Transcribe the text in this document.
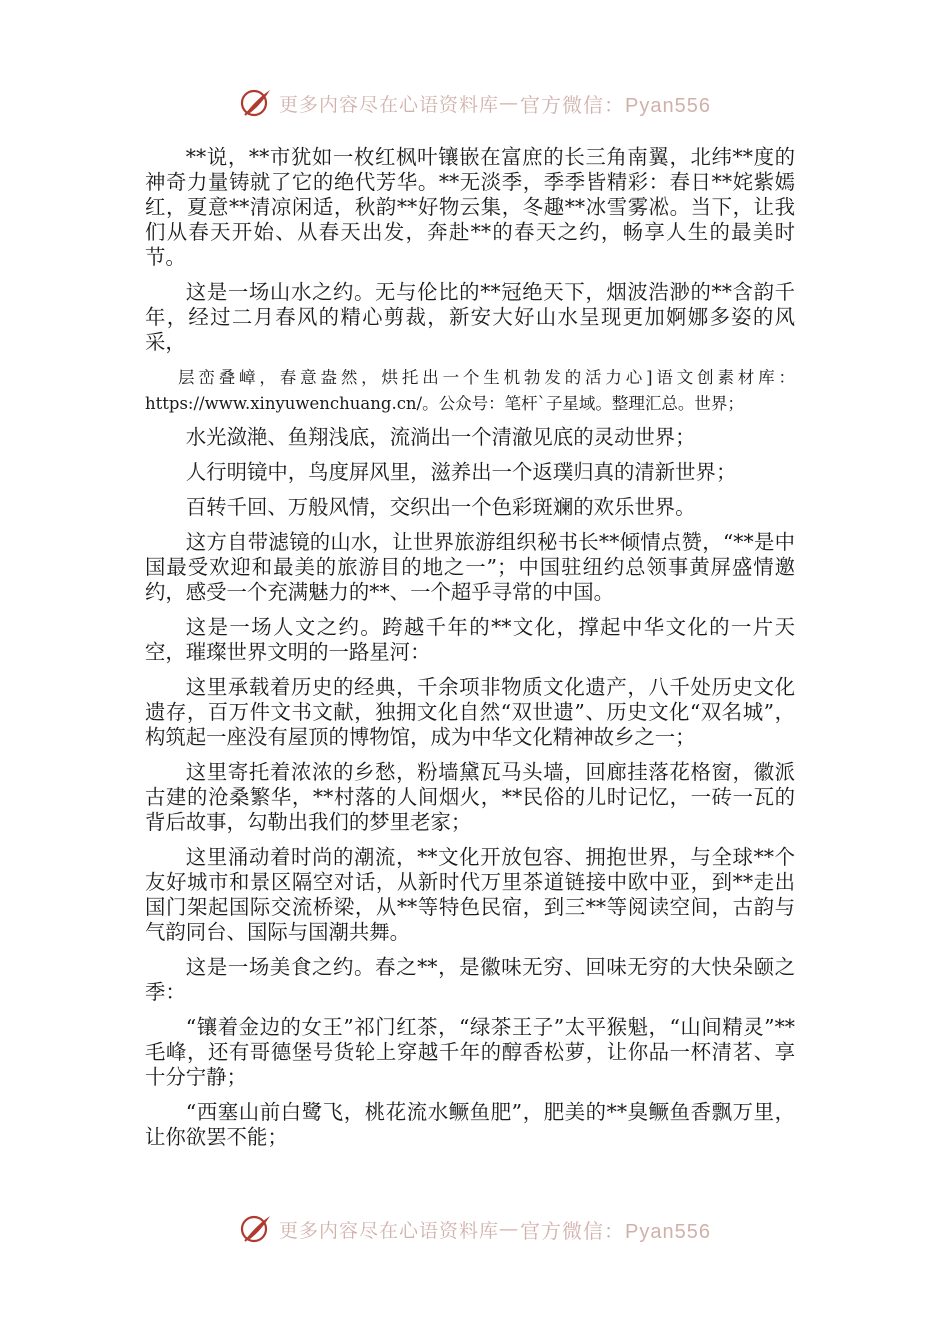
更多内容尽在心语资料库 — 官方微信：Pyan556

**说，**市犹如一枚红枫叶镶嵌在富庶的长三角南翼，北纬**度的神奇力量铸就了它的绝代芳华。**无淡季，季季皆精彩：春日**姹紫嫣红，夏意**清凉闲适，秋韵**好物云集，冬趣**冰雪雾凇。当下，让我们从春天开始、从春天出发，奔赴**的春天之约，畅享人生的最美时节。

这是一场山水之约。无与伦比的**冠绝天下，烟波浩渺的**含韵千年，经过二月春风的精心剪裁，新安大好山水呈现更加婀娜多姿的风采，

层峦叠嶂，春意盎然，烘托出一个生机勃发的活力心]语文创素材库：https://www.xinyuwenchuang.cn/。公众号：笔杆`子星域。整理汇总。世界；

水光潋滟、鱼翔浅底，流淌出一个清澈见底的灵动世界；

人行明镜中，鸟度屏风里，滋养出一个返璞归真的清新世界；

百转千回、万般风情，交织出一个色彩斑斓的欢乐世界。

这方自带滤镜的山水，让世界旅游组织秘书长**倾情点赞，“**是中国最受欢迎和最美的旅游目的地之一”；中国驻纽约总领事黄屏盛情邀约，感受一个充满魅力的**、一个超乎寻常的中国。

这是一场人文之约。跨越千年的**文化，撑起中华文化的一片天空，璀璨世界文明的一路星河：

这里承载着历史的经典，千余项非物质文化遗产，八千处历史文化遗存，百万件文书文献，独拥文化自然“双世遗”、历史文化“双名城”，构筑起一座没有屋顶的博物馆，成为中华文化精神故乡之一；

这里寄托着浓浓的乡愁，粉墙黛瓦马头墙，回廊挂落花格窗，徽派古建的沧桑繁华，**村落的人间烟火，**民俗的儿时记忆，一砖一瓦的背后故事，勾勒出我们的梦里老家；

这里涌动着时尚的潮流，**文化开放包容、拥抱世界，与全球**个友好城市和景区隔空对话，从新时代万里茶道链接中欧中亚，到**走出国门架起国际交流桥梁，从**等特色民宿，到三**等阅读空间，古韵与气韵同台、国际与国潮共舞。

这是一场美食之约。春之**，是徽味无穷、回味无穷的大快朵颐之季：

“镶着金边的女王”祁门红茶，“绿茶王子”太平猴魁，“山间精灵”**毛峰，还有哥德堡号货轮上穿越千年的醇香松萝，让你品一杯清茗、享十分宁静；

“西塞山前白鹭飞，桃花流水鳜鱼肥”，肥美的**臭鳜鱼香飘万里，让你欲罢不能；

更多内容尽在心语资料库 — 官方微信：Pyan556
